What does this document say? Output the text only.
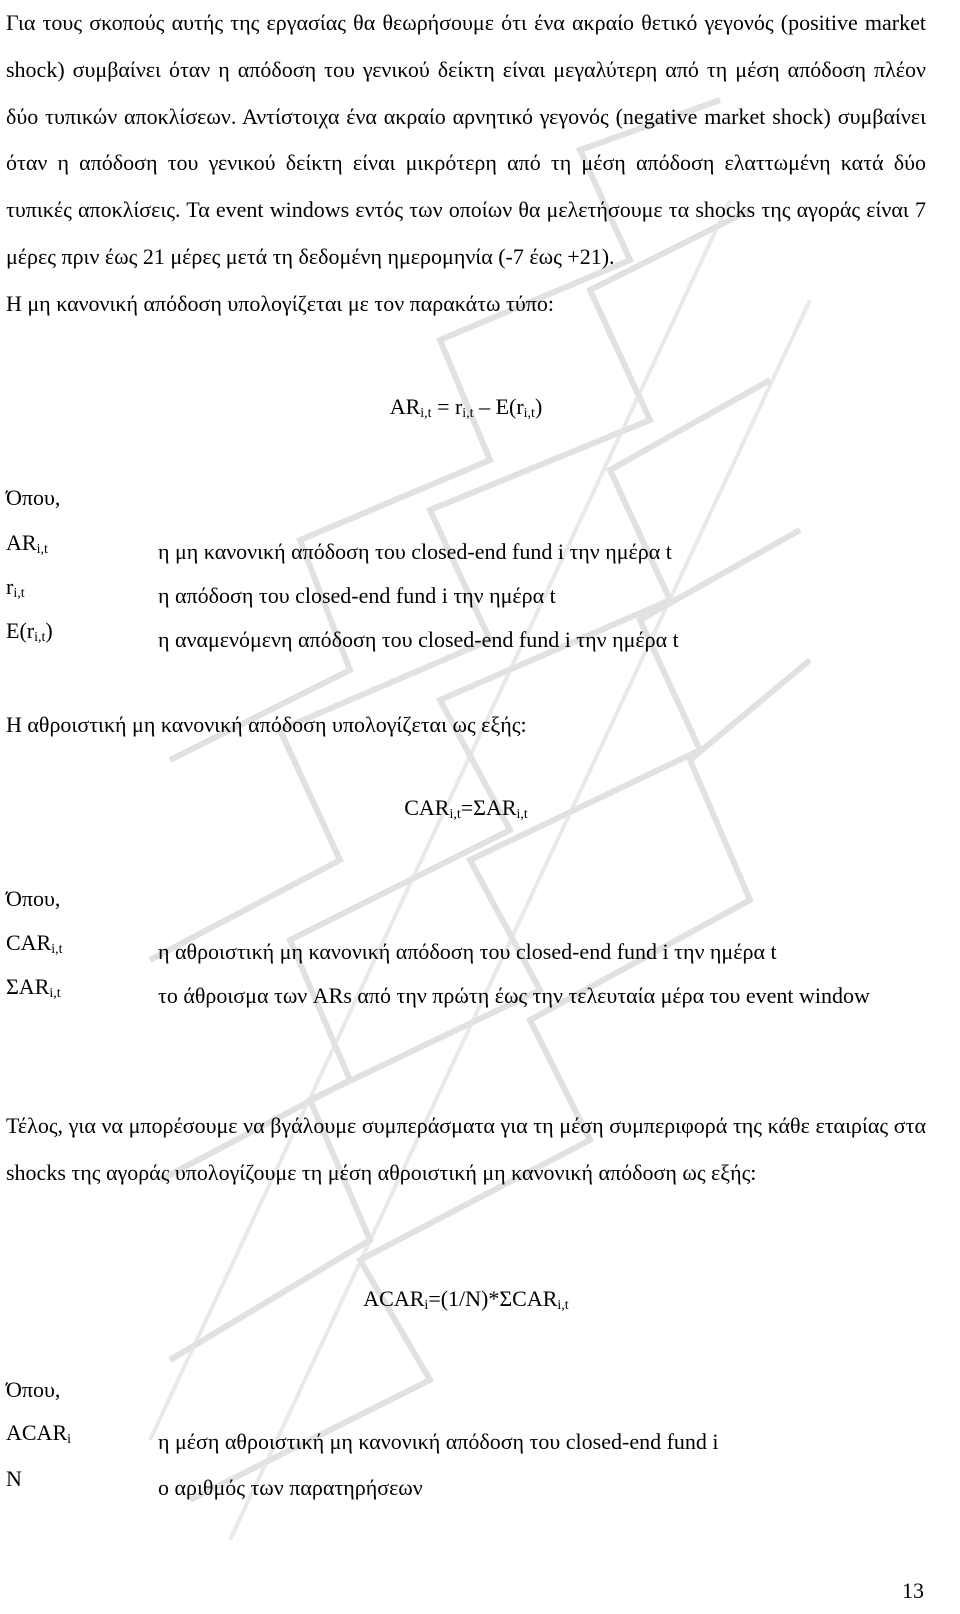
Για τους σκοπούς αυτής της εργασίας θα θεωρήσουμε ότι ένα ακραίο θετικό γεγονός (positive market shock) συμβαίνει όταν η απόδοση του γενικού δείκτη είναι μεγαλύτερη από τη μέση απόδοση πλέον δύο τυπικών αποκλίσεων. Αντίστοιχα ένα ακραίο αρνητικό γεγονός (negative market shock) συμβαίνει όταν η απόδοση του γενικού δείκτη είναι μικρότερη από τη μέση απόδοση ελαττωμένη κατά δύο τυπικές αποκλίσεις. Τα event windows εντός των οποίων θα μελετήσουμε τα shocks της αγοράς είναι 7 μέρες πριν έως 21 μέρες μετά τη δεδομένη ημερομηνία (-7 έως +21).

Η μη κανονική απόδοση υπολογίζεται με τον παρακάτω τύπο:

$AR_{i,t} = r_{i,t} - E(r_{i,t})$
Όπου,
$AR_{i,t}$	η μη κανονική απόδοση του closed-end fund i την ημέρα t
$r_{i,t}$	η απόδοση του closed-end fund i την ημέρα t
$E(r_{i,t})$	η αναμενόμενη απόδοση του closed-end fund i την ημέρα t

Η αθροιστική μη κανονική απόδοση υπολογίζεται ως εξής:

$CAR_{i,t}=\Sigma AR_{i,t}$
Όπου,
$CAR_{i,t}$	η αθροιστική μη κανονική απόδοση του closed-end fund i την ημέρα t
$\Sigma AR_{i,t}$	το άθροισμα των ARs από την πρώτη έως την τελευταία μέρα του event window

Τέλος, για να μπορέσουμε να βγάλουμε συμπεράσματα για τη μέση συμπεριφορά της κάθε εταιρίας στα shocks της αγοράς υπολογίζουμε τη μέση αθροιστική μη κανονική απόδοση ως εξής:

$ACAR_i=(1/N)*\Sigma CAR_{i,t}$
Όπου,
$ACAR_i$	η μέση αθροιστική μη κανονική απόδοση του closed-end fund i
N	ο αριθμός των παρατηρήσεων
13
